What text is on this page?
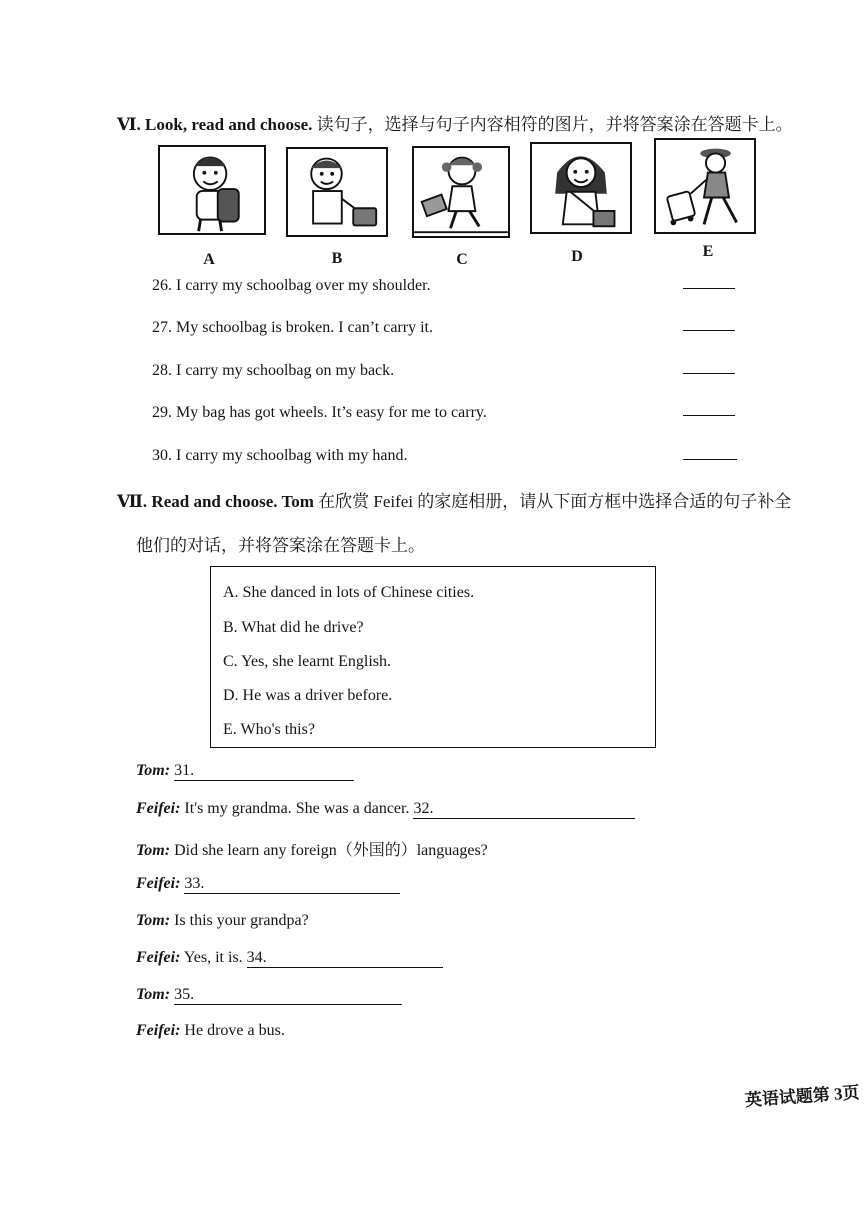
Ⅵ. Look, read and choose. 读句子，选择与句子内容相符的图片，并将答案涂在答题卡上。
A	B	C	D	E
26. I carry my schoolbag over my shoulder.
27. My schoolbag is broken. I can’t carry it.
28. I carry my schoolbag on my back.
29. My bag has got wheels. It’s easy for me to carry.
30. I carry my schoolbag with my hand.
Ⅶ. Read and choose. Tom 在欣赏 Feifei 的家庭相册，请从下面方框中选择合适的句子补全
他们的对话，并将答案涂在答题卡上。
A. She danced in lots of Chinese cities.
B. What did he drive?
C. Yes, she learnt English.
D. He was a driver before.
E. Who's this?
Tom: 31.
Feifei: It's my grandma. She was a dancer. 32.
Tom: Did she learn any foreign（外国的）languages?
Feifei: 33.
Tom: Is this your grandpa?
Feifei: Yes, it is. 34.
Tom: 35.
Feifei: He drove a bus.
英语试题第 3页
